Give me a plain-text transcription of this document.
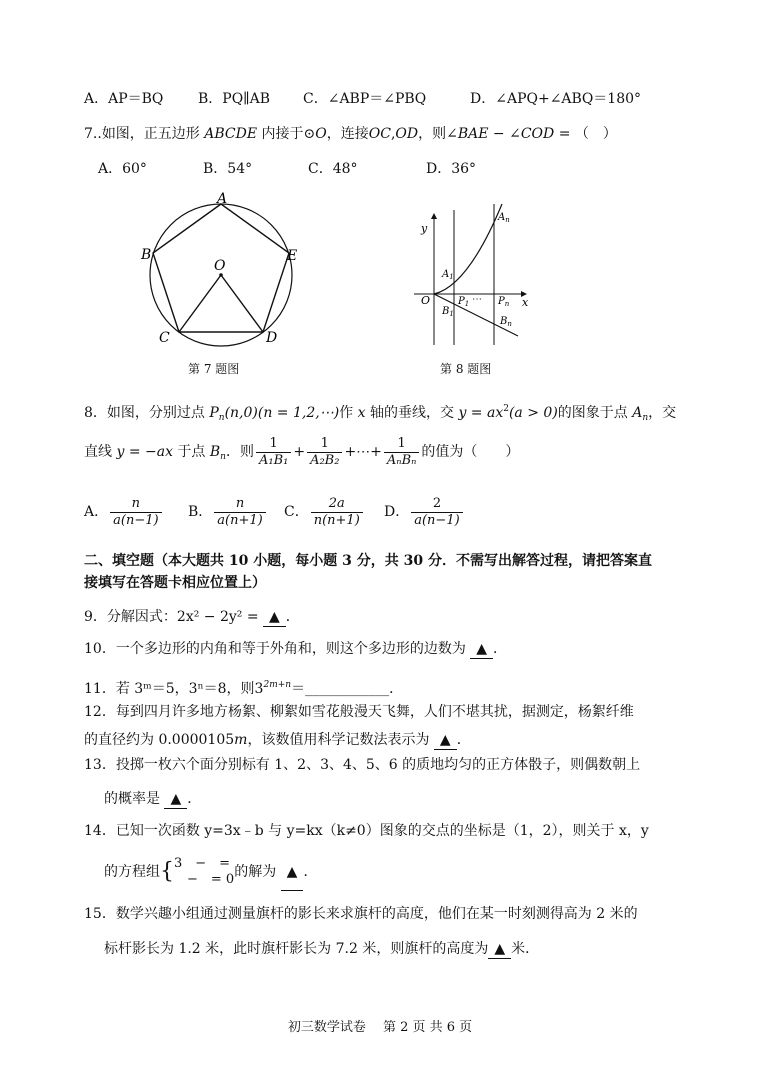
A．AP＝BQ B．PQ∥AB C．∠ABP＝∠PBQ	D．∠APQ+∠ABQ＝180°
7..如图，正五边形 ABCDE 内接于⊙O，连接OC,OD，则∠BAE − ∠COD = （　）
A．60°	B．54°	C．48°	D．36°
A
B
C	D
E
O
第 7 题图
y
x
O
$A_1$
$B_1$
$P_1$ ⋯ $P_n$
$A_n$
$B_n$
第 8 题图
8．如图，分别过点 $P_n(n,0)(n$ = 1,2,⋯)作 x 轴的垂线，交 $y = ax^2(a > 0)$的图象于点 $A_n$，交
直线 y = −ax 于点 $B_n$．则 $\frac{1}{\text{A₁B₁}} + \frac{1}{\text{A₂B₂}}$ +⋯+ $\frac{1}{\text{AₙBₙ}}$ 的值为（　　）
A． $\frac{n}{a(n-1)}$ B． $\frac{n}{a(n+1)}$ C． $\frac{2a}{n(n+1)}$ D． $\frac{2}{a(n-1)}$
二、填空题（本大题共 10 小题，每小题 3 分，共 30 分．不需写出解答过程，请把答案直
接填写在答题卡相应位置上）
9．分解因式：2x² − 2y² = ▲ ．
10．一个多边形的内角和等于外角和，则这个多边形的边数为 ▲ ．
11．若 3ᵐ＝5，3ⁿ＝8，则$3^{2m+n}=\_\_\_\_\_\_\_\_\_\_\_\_$．
12．每到四月许多地方杨絮、柳絮如雪花般漫天飞舞，人们不堪其扰，据测定，杨絮纤维
的直径约为 0.0000105m，该数值用科学记数法表示为 ▲ ．
13．投掷一枚六个面分别标有 1、2、3、4、5、6 的质地均匀的正方体骰子，则偶数朝上
的概率是 ▲ ．
14．已知一次函数 y=3x﹣b 与 y=kx（k≠0）图象的交点的坐标是（1，2），则关于 x，y
的方程组{ 3　−　=
　−　= 0 的解为 ▲ ．
15．数学兴趣小组通过测量旗杆的影长来求旗杆的高度，他们在某一时刻测得高为 2 米的
标杆影长为 1.2 米，此时旗杆影长为 7.2 米，则旗杆的高度为 ▲ 米．
初三数学试卷　 第 2 页 共 6 页
